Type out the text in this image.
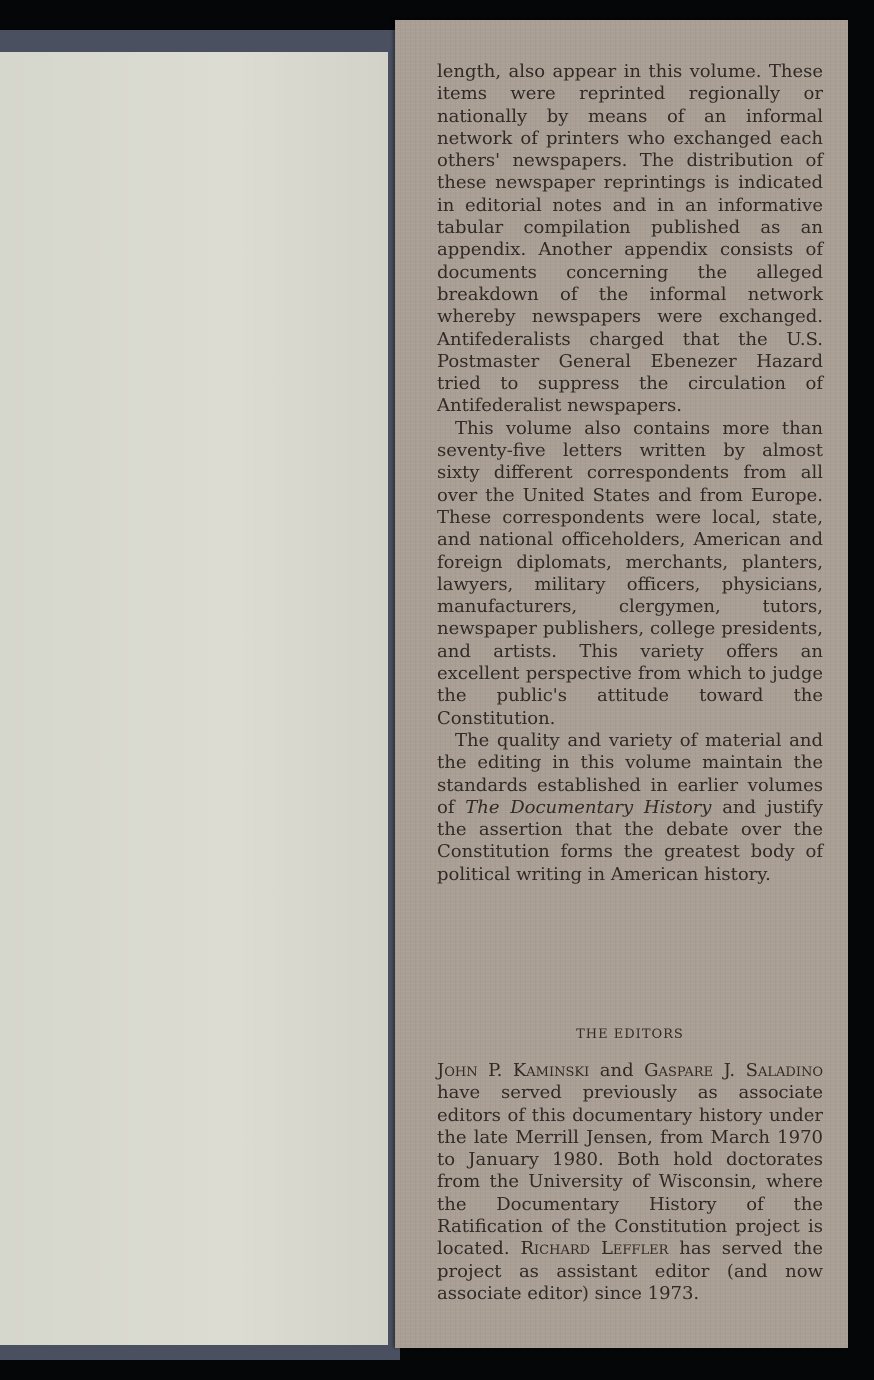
length, also appear in this volume. These items were reprinted regionally or nationally by means of an informal network of printers who exchanged each others' newspapers. The distribution of these newspaper reprintings is indicated in editorial notes and in an informative tabular compilation published as an appendix. Another appendix consists of documents concerning the alleged breakdown of the informal network whereby newspapers were exchanged. Antifederalists charged that the U.S. Postmaster General Ebenezer Hazard tried to suppress the circulation of Antifederalist newspapers.

This volume also contains more than seventy-five letters written by almost sixty different correspondents from all over the United States and from Europe. These correspondents were local, state, and national officeholders, American and foreign diplomats, merchants, planters, lawyers, military officers, physicians, manufacturers, clergymen, tutors, newspaper publishers, college presidents, and artists. This variety offers an excellent perspective from which to judge the public's attitude toward the Constitution.

The quality and variety of material and the editing in this volume maintain the standards established in earlier volumes of The Documentary History and justify the assertion that the debate over the Constitution forms the greatest body of political writing in American history.

THE EDITORS

John P. Kaminski and Gaspare J. Saladino have served previously as associate editors of this documentary history under the late Merrill Jensen, from March 1970 to January 1980. Both hold doctorates from the University of Wisconsin, where the Documentary History of the Ratification of the Constitution project is located. Richard Leffler has served the project as assistant editor (and now associate editor) since 1973.
